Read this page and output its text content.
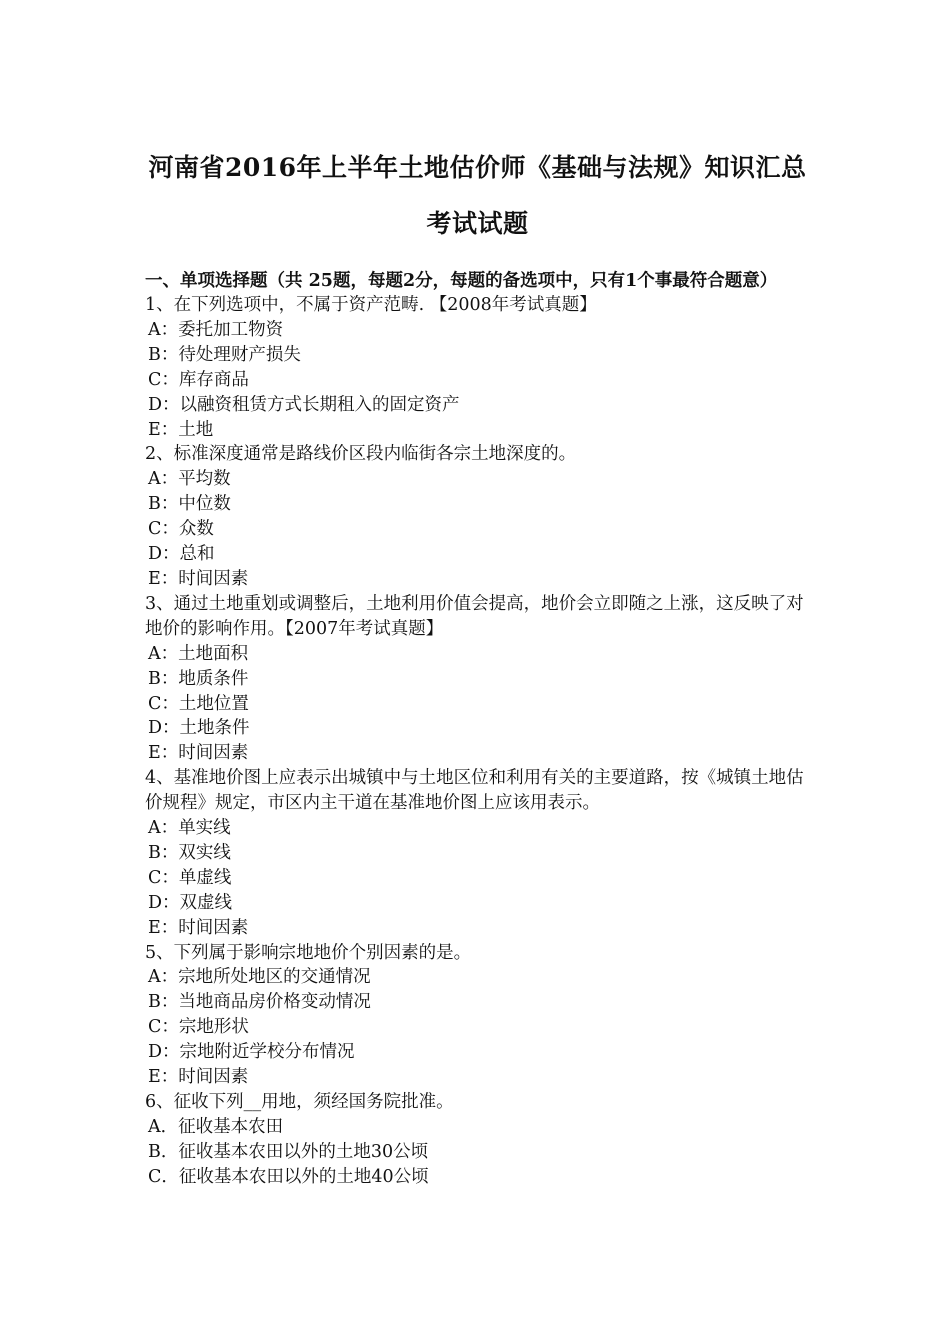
河南省2016年上半年土地估价师《基础与法规》知识汇总
考试试题

一、单项选择题（共 25题，每题2分，每题的备选项中，只有1个事最符合题意）

1、在下列选项中，不属于资产范畴. 【2008年考试真题】

A：委托加工物资
B：待处理财产损失
C：库存商品
D：以融资租赁方式长期租入的固定资产
E：土地

2、标准深度通常是路线价区段内临街各宗土地深度的。

A：平均数
B：中位数
C：众数
D：总和
E：时间因素

3、通过土地重划或调整后，土地利用价值会提高，地价会立即随之上涨，这反映了对地价的影响作用。【2007年考试真题】

A：土地面积
B：地质条件
C：土地位置
D：土地条件
E：时间因素

4、基准地价图上应表示出城镇中与土地区位和利用有关的主要道路，按《城镇土地估价规程》规定，市区内主干道在基准地价图上应该用表示。

A：单实线
B：双实线
C：单虚线
D：双虚线
E：时间因素

5、下列属于影响宗地地价个别因素的是。

A：宗地所处地区的交通情况
B：当地商品房价格变动情况
C：宗地形状
D：宗地附近学校分布情况
E：时间因素

6、征收下列__用地，须经国务院批准。

A．征收基本农田
B．征收基本农田以外的土地30公顷
C．征收基本农田以外的土地40公顷
